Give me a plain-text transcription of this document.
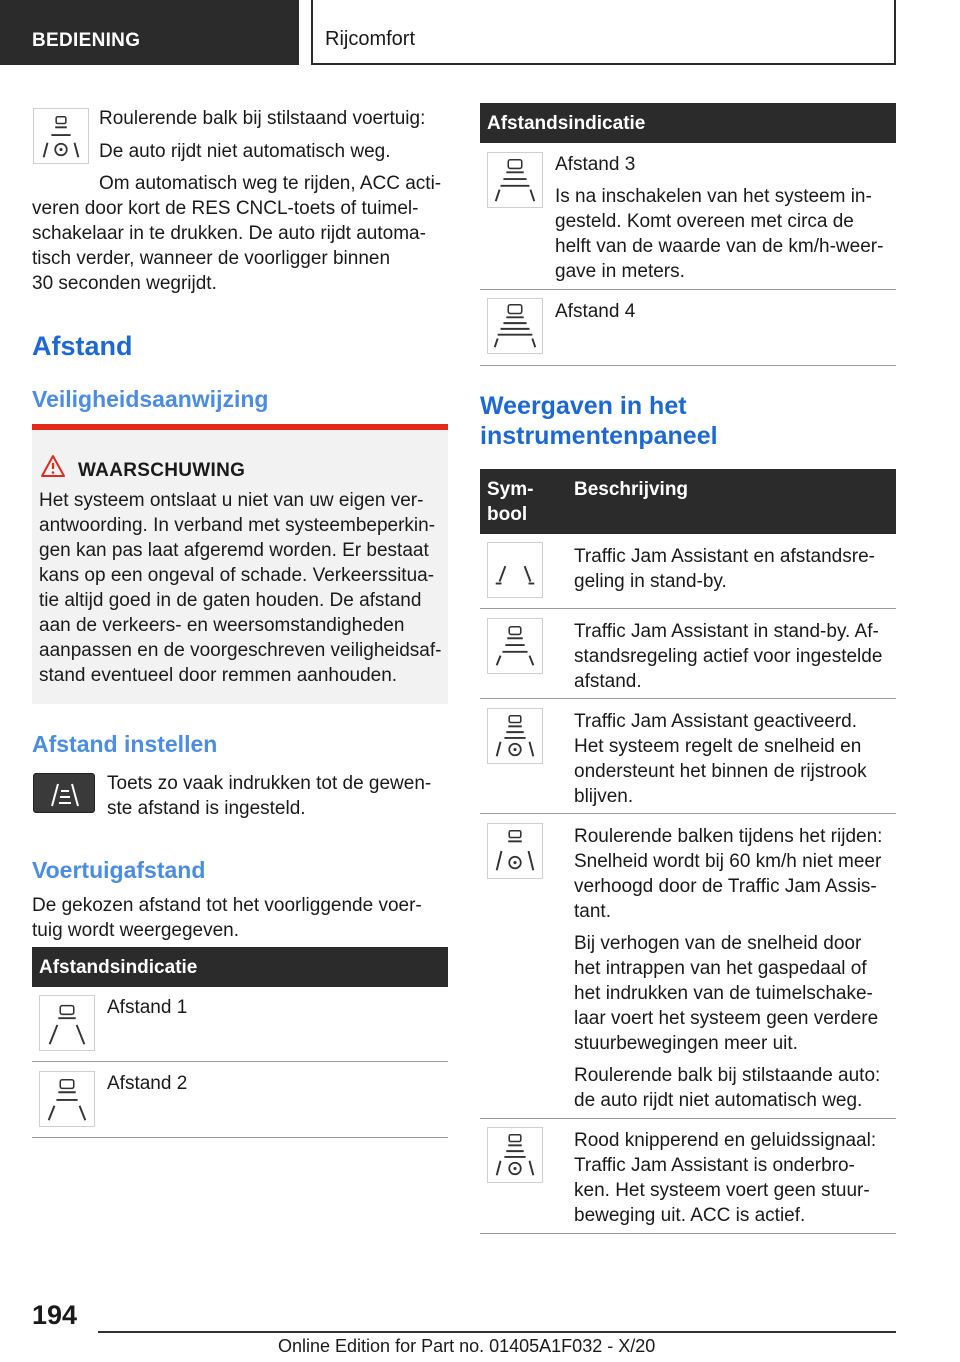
BEDIENING	Rijcomfort
Roulerende balk bij stilstaand voertuig:
De auto rijdt niet automatisch weg.
Om automatisch weg te rijden, ACC acti-
veren door kort de RES CNCL-toets of tuimel-
schakelaar in te drukken. De auto rijdt automa-
tisch verder, wanneer de voorligger binnen
30 seconden wegrijdt.
Afstand
Veiligheidsaanwijzing
WAARSCHUWING
Het systeem ontslaat u niet van uw eigen ver-
antwoording. In verband met systeembeperkin-
gen kan pas laat afgeremd worden. Er bestaat
kans op een ongeval of schade. Verkeerssitua-
tie altijd goed in de gaten houden. De afstand
aan de verkeers- en weersomstandigheden
aanpassen en de voorgeschreven veiligheidsaf-
stand eventueel door remmen aanhouden.
Afstand instellen
Toets zo vaak indrukken tot de gewen-
ste afstand is ingesteld.
Voertuigafstand
De gekozen afstand tot het voorliggende voer-
tuig wordt weergegeven.
Afstandsindicatie
Afstand 1
Afstand 2
Afstandsindicatie
Afstand 3
Is na inschakelen van het systeem in-
gesteld. Komt overeen met circa de
helft van de waarde van de km/h-weer-
gave in meters.
Afstand 4
Weergaven in het
instrumentenpaneel
Sym-
bool
Beschrijving
Traffic Jam Assistant en afstandsre-
geling in stand-by.
Traffic Jam Assistant in stand-by. Af-
standsregeling actief voor ingestelde
afstand.
Traffic Jam Assistant geactiveerd.
Het systeem regelt de snelheid en
ondersteunt het binnen de rijstrook
blijven.
Roulerende balken tijdens het rijden:
Snelheid wordt bij 60 km/h niet meer
verhoogd door de Traffic Jam Assis-
tant.
Bij verhogen van de snelheid door
het intrappen van het gaspedaal of
het indrukken van de tuimelschake-
laar voert het systeem geen verdere
stuurbewegingen meer uit.
Roulerende balk bij stilstaande auto:
de auto rijdt niet automatisch weg.
Rood knipperend en geluidssignaal:
Traffic Jam Assistant is onderbro-
ken. Het systeem voert geen stuur-
beweging uit. ACC is actief.
194
Online Edition for Part no. 01405A1F032 - X/20
